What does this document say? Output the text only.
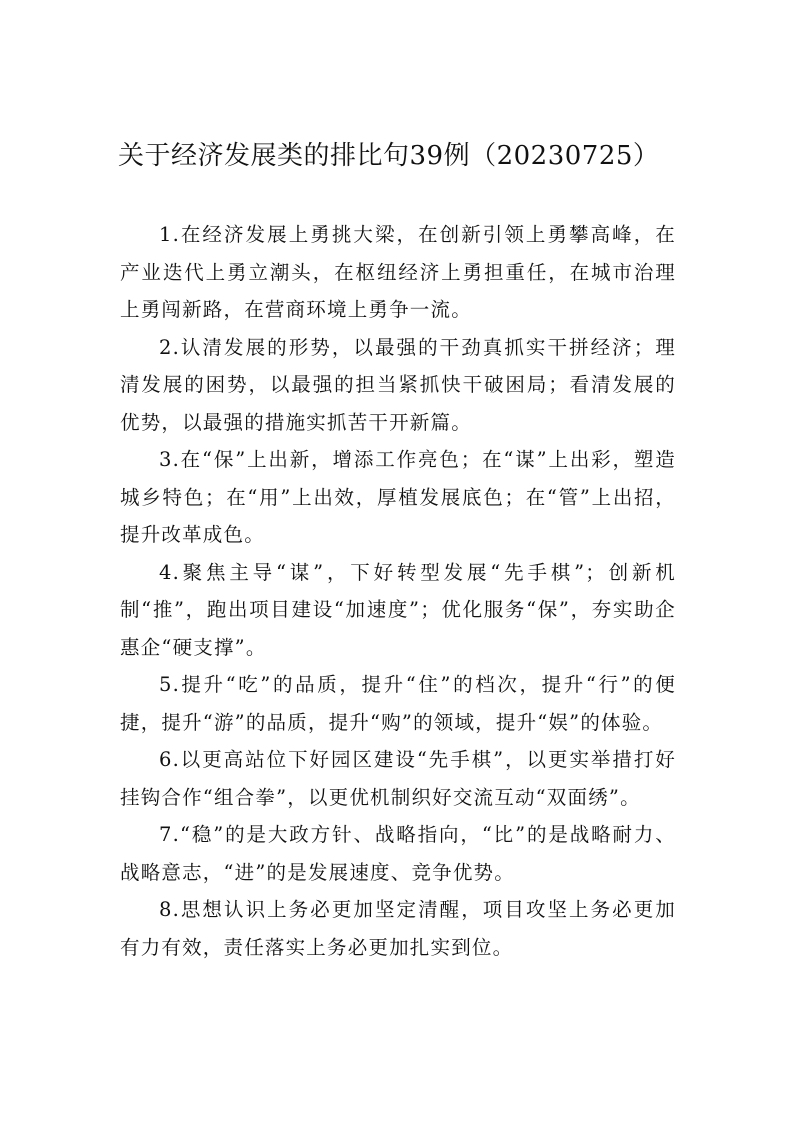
关于经济发展类的排比句39例（20230725）

1.在经济发展上勇挑大梁，在创新引领上勇攀高峰，在产业迭代上勇立潮头，在枢纽经济上勇担重任，在城市治理上勇闯新路，在营商环境上勇争一流。

2.认清发展的形势，以最强的干劲真抓实干拼经济；理清发展的困势，以最强的担当紧抓快干破困局；看清发展的优势，以最强的措施实抓苦干开新篇。

3.在“保”上出新，增添工作亮色；在“谋”上出彩，塑造城乡特色；在“用”上出效，厚植发展底色；在“管”上出招，提升改革成色。

4.聚焦主导“谋”，下好转型发展“先手棋”；创新机制“推”，跑出项目建设“加速度”；优化服务“保”，夯实助企惠企“硬支撑”。

5.提升“吃”的品质，提升“住”的档次，提升“行”的便捷，提升“游”的品质，提升“购”的领域，提升“娱”的体验。

6.以更高站位下好园区建设“先手棋”，以更实举措打好挂钩合作“组合拳”，以更优机制织好交流互动“双面绣”。

7.“稳”的是大政方针、战略指向，“比”的是战略耐力、战略意志，“进”的是发展速度、竞争优势。

8.思想认识上务必更加坚定清醒，项目攻坚上务必更加有力有效，责任落实上务必更加扎实到位。
